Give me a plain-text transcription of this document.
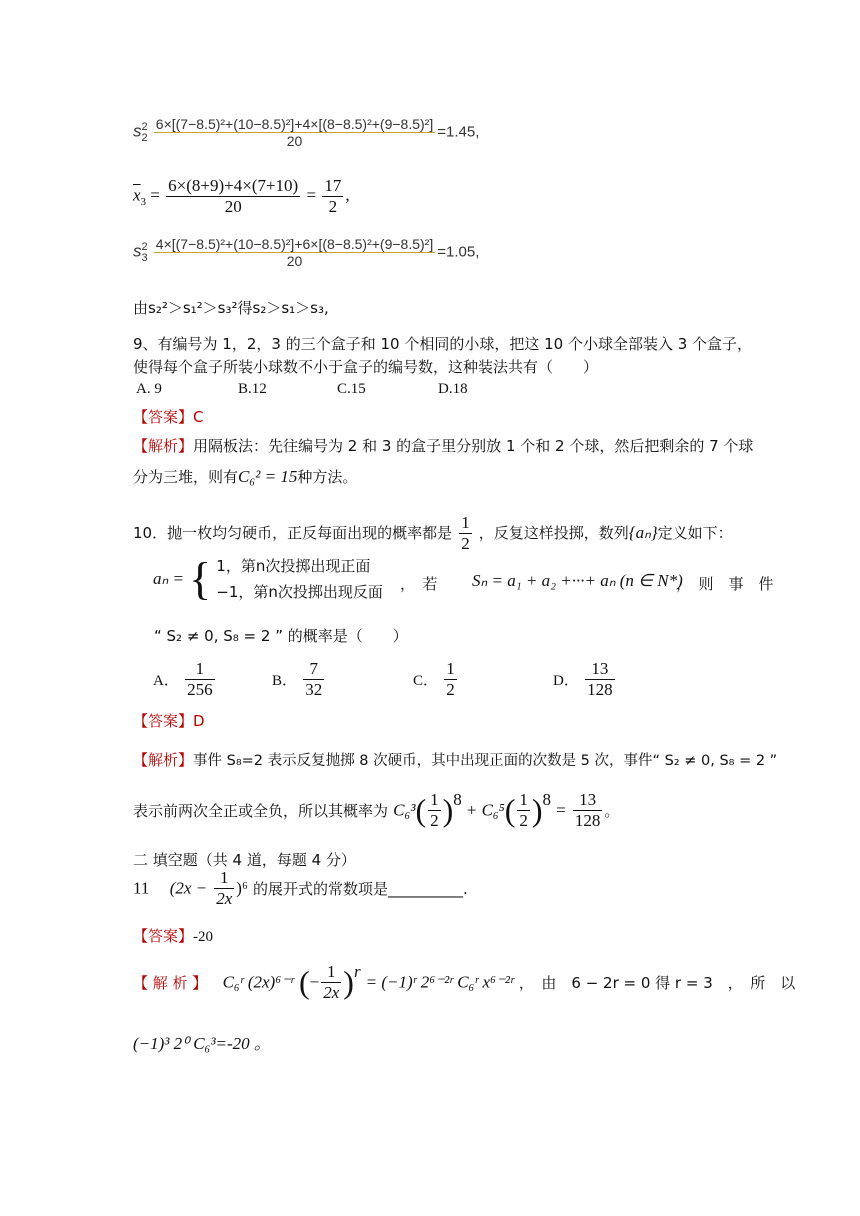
s 2
2
$\frac{\text{6×[(7−8.5)²+(10−8.5)²]+4×[(8−8.5)²+(9−8.5)²]}}{20} =1.45$,
$\overline{x}_3 = \frac{6\times(8+9)+4\times(7+10)}{20} = \frac{17}{2}$ ,
s 2
3
$\frac{\text{4×[(7−8.5)²+(10−8.5)²]+6×[(8−8.5)²+(9−8.5)²]}}{20} =1.05$,
由s₂²＞s₁²＞s₃²得s₂＞s₁＞s₃,
9、有编号为 1，2，3 的三个盒子和 10 个相同的小球，把这 10 个小球全部装入 3 个盒子，
使得每个盒子所装小球数不小于盒子的编号数，这种装法共有（　　）
A. 9	B.12	C.15	D.18
【答案】C
【解析】用隔板法：先往编号为 2 和 3 的盒子里分别放 1 个和 2 个球，然后把剩余的 7 个球
分为三堆，则有C₆² = 15种方法。
10．抛一枚均匀硬币，正反每面出现的概率都是 $\frac{1}{2}$ ，反复这样投掷，数列{aₙ}定义如下：
aₙ = { 1，第n次投掷出现正面
−1，第n次投掷出现反面 ，　若 Sₙ = a₁ + a₂ +···+ aₙ (n ∈ N*)
，　则　事　件
“ S₂ ≠ 0, S₈ = 2 ” 的概率是（　　）
A． $\frac{1}{256}$	B． $\frac{7}{32}$	C． $\frac{1}{2}$	D． $\frac{13}{128}$
【答案】D
【解析】事件 S₈=2 表示反复抛掷 8 次硬币，其中出现正面的次数是 5 次，事件“ S₂ ≠ 0, S₈ = 2 ”
表示前两次全正或全负，所以其概率为 $C_6^3( \frac{1}{2} )^8 + C_6^5( \frac{1}{2} )^8 = \frac{13}{128}$ 。
二 填空题（共 4 道，每题 4 分）
11 $(2x - \frac{1}{2x} )^6$ 的展开式的常数项是__________.
【答案】-20
【 解 析 】 C₆ʳ (2x)⁶⁻ʳ (− $\frac{1}{2x} )^r$ = (−1)ʳ 2⁶⁻²ʳ C₆ʳ x⁶⁻²ʳ ，　由　6 − 2r = 0 得 r = 3　，　所　以
(−1)³ 2⁰ C₆³=-20 。
